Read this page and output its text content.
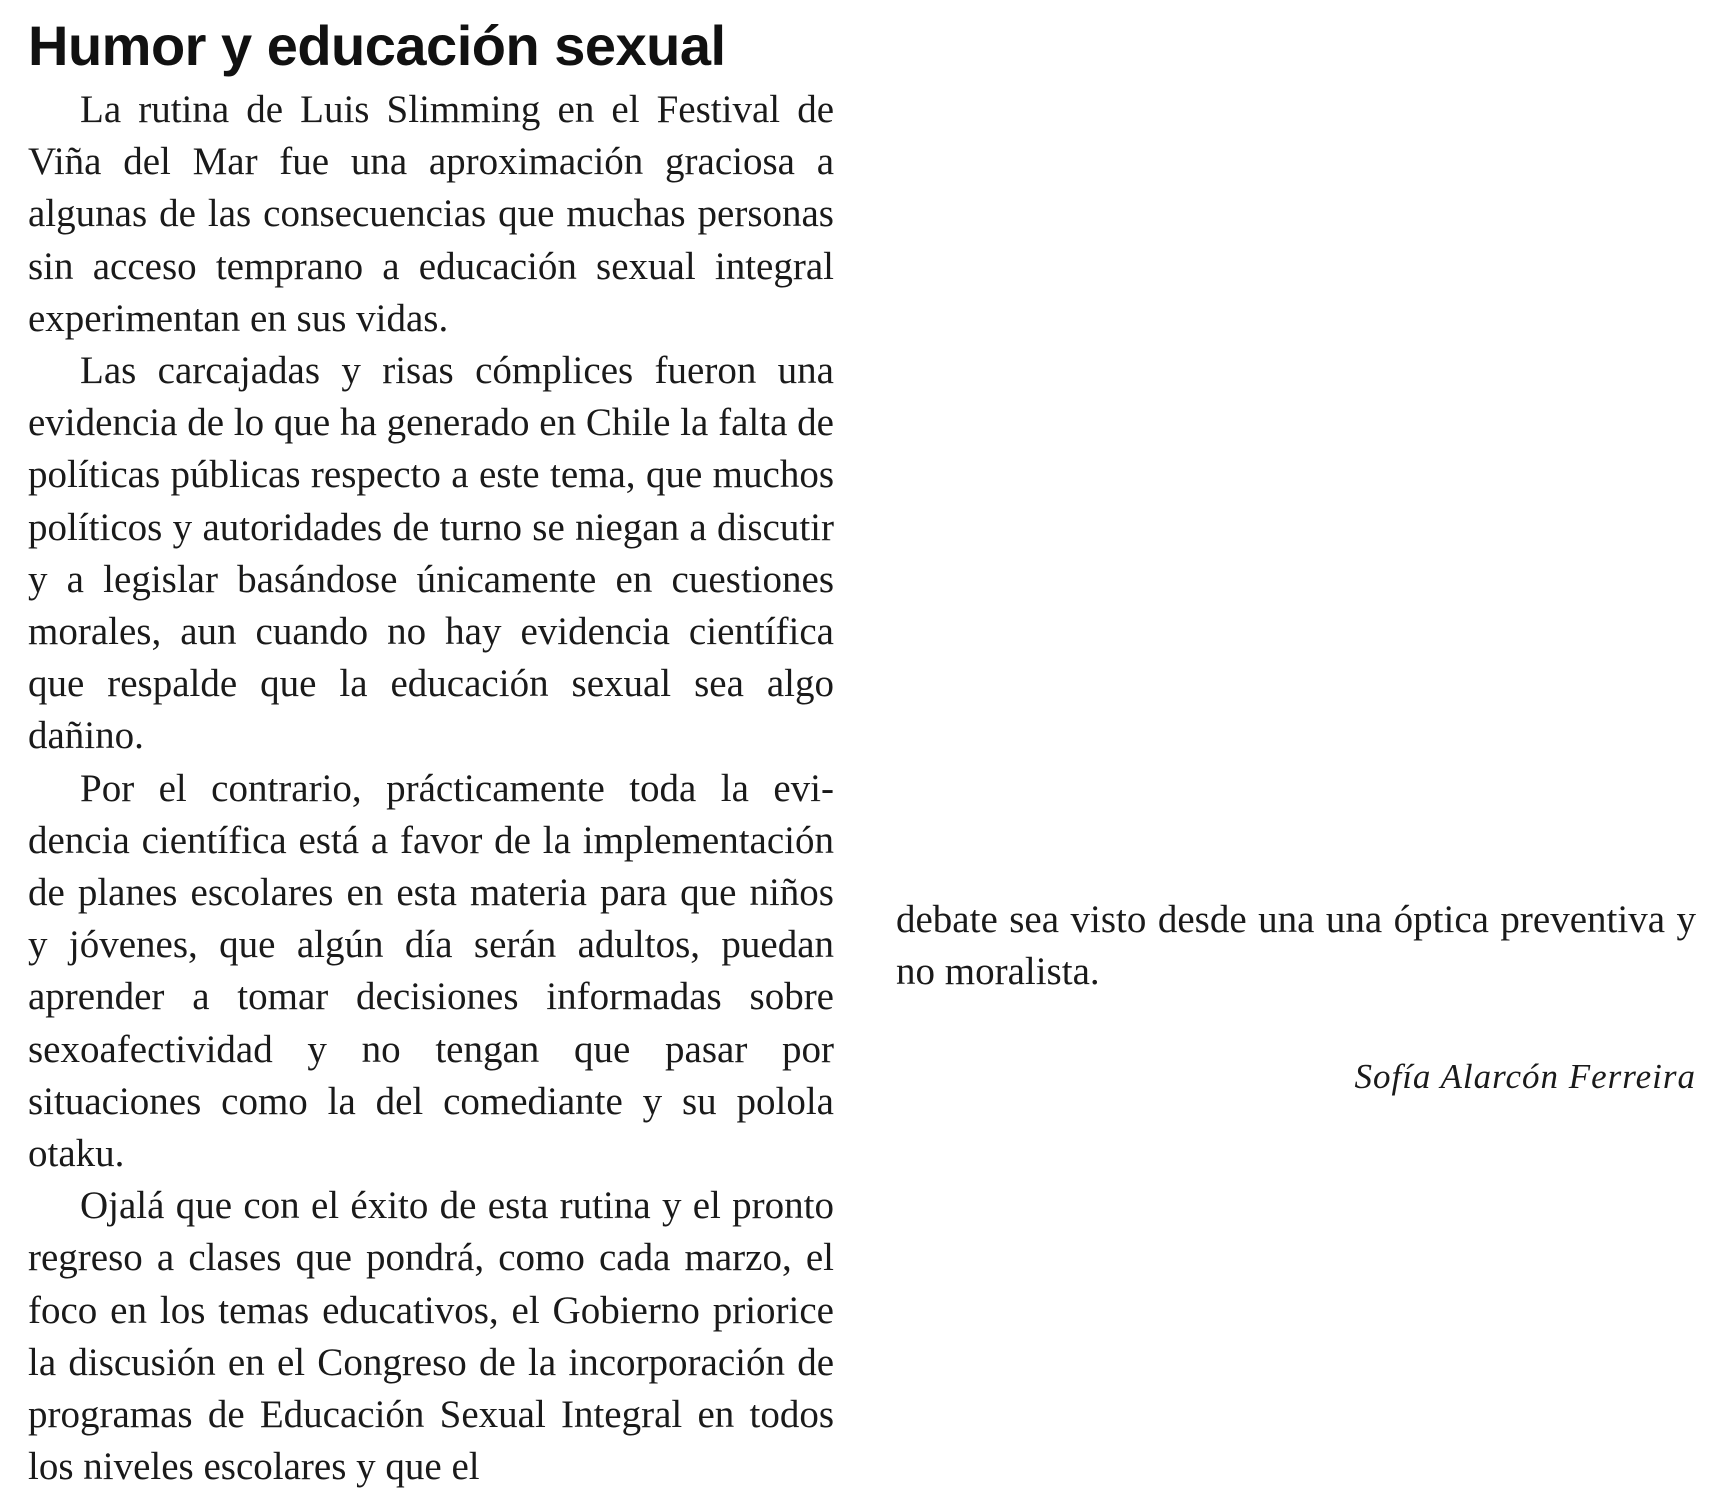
Humor y educación sexual

La rutina de Luis Slimming en el Festival de Viña del Mar fue una aproximación graciosa a algunas de las consecuencias que muchas personas sin acceso temprano a educación sexual integral experimentan en sus vidas.

Las carcajadas y risas cómplices fueron una evidencia de lo que ha generado en Chile la falta de políticas públicas respecto a este tema, que muchos políticos y autoridades de turno se niegan a discutir y a legislar basándose únicamente en cuestiones morales, aun cuando no hay evidencia científica que respalde que la educación sexual sea algo dañino.

Por el contrario, prácticamente toda la evidencia científica está a favor de la implementación de planes escolares en esta materia para que niños y jóvenes, que algún día serán adultos, puedan aprender a tomar decisiones informadas sobre sexoafectividad y no tengan que pasar por situaciones como la del comediante y su polola otaku.

Ojalá que con el éxito de esta rutina y el pronto regreso a clases que pondrá, como cada marzo, el foco en los temas educativos, el Gobierno priorice la discusión en el Congreso de la incorporación de programas de Educación Sexual Integral en todos los niveles escolares y que el

debate sea visto desde una una óptica preventiva y no moralista.

Sofía Alarcón Ferreira
